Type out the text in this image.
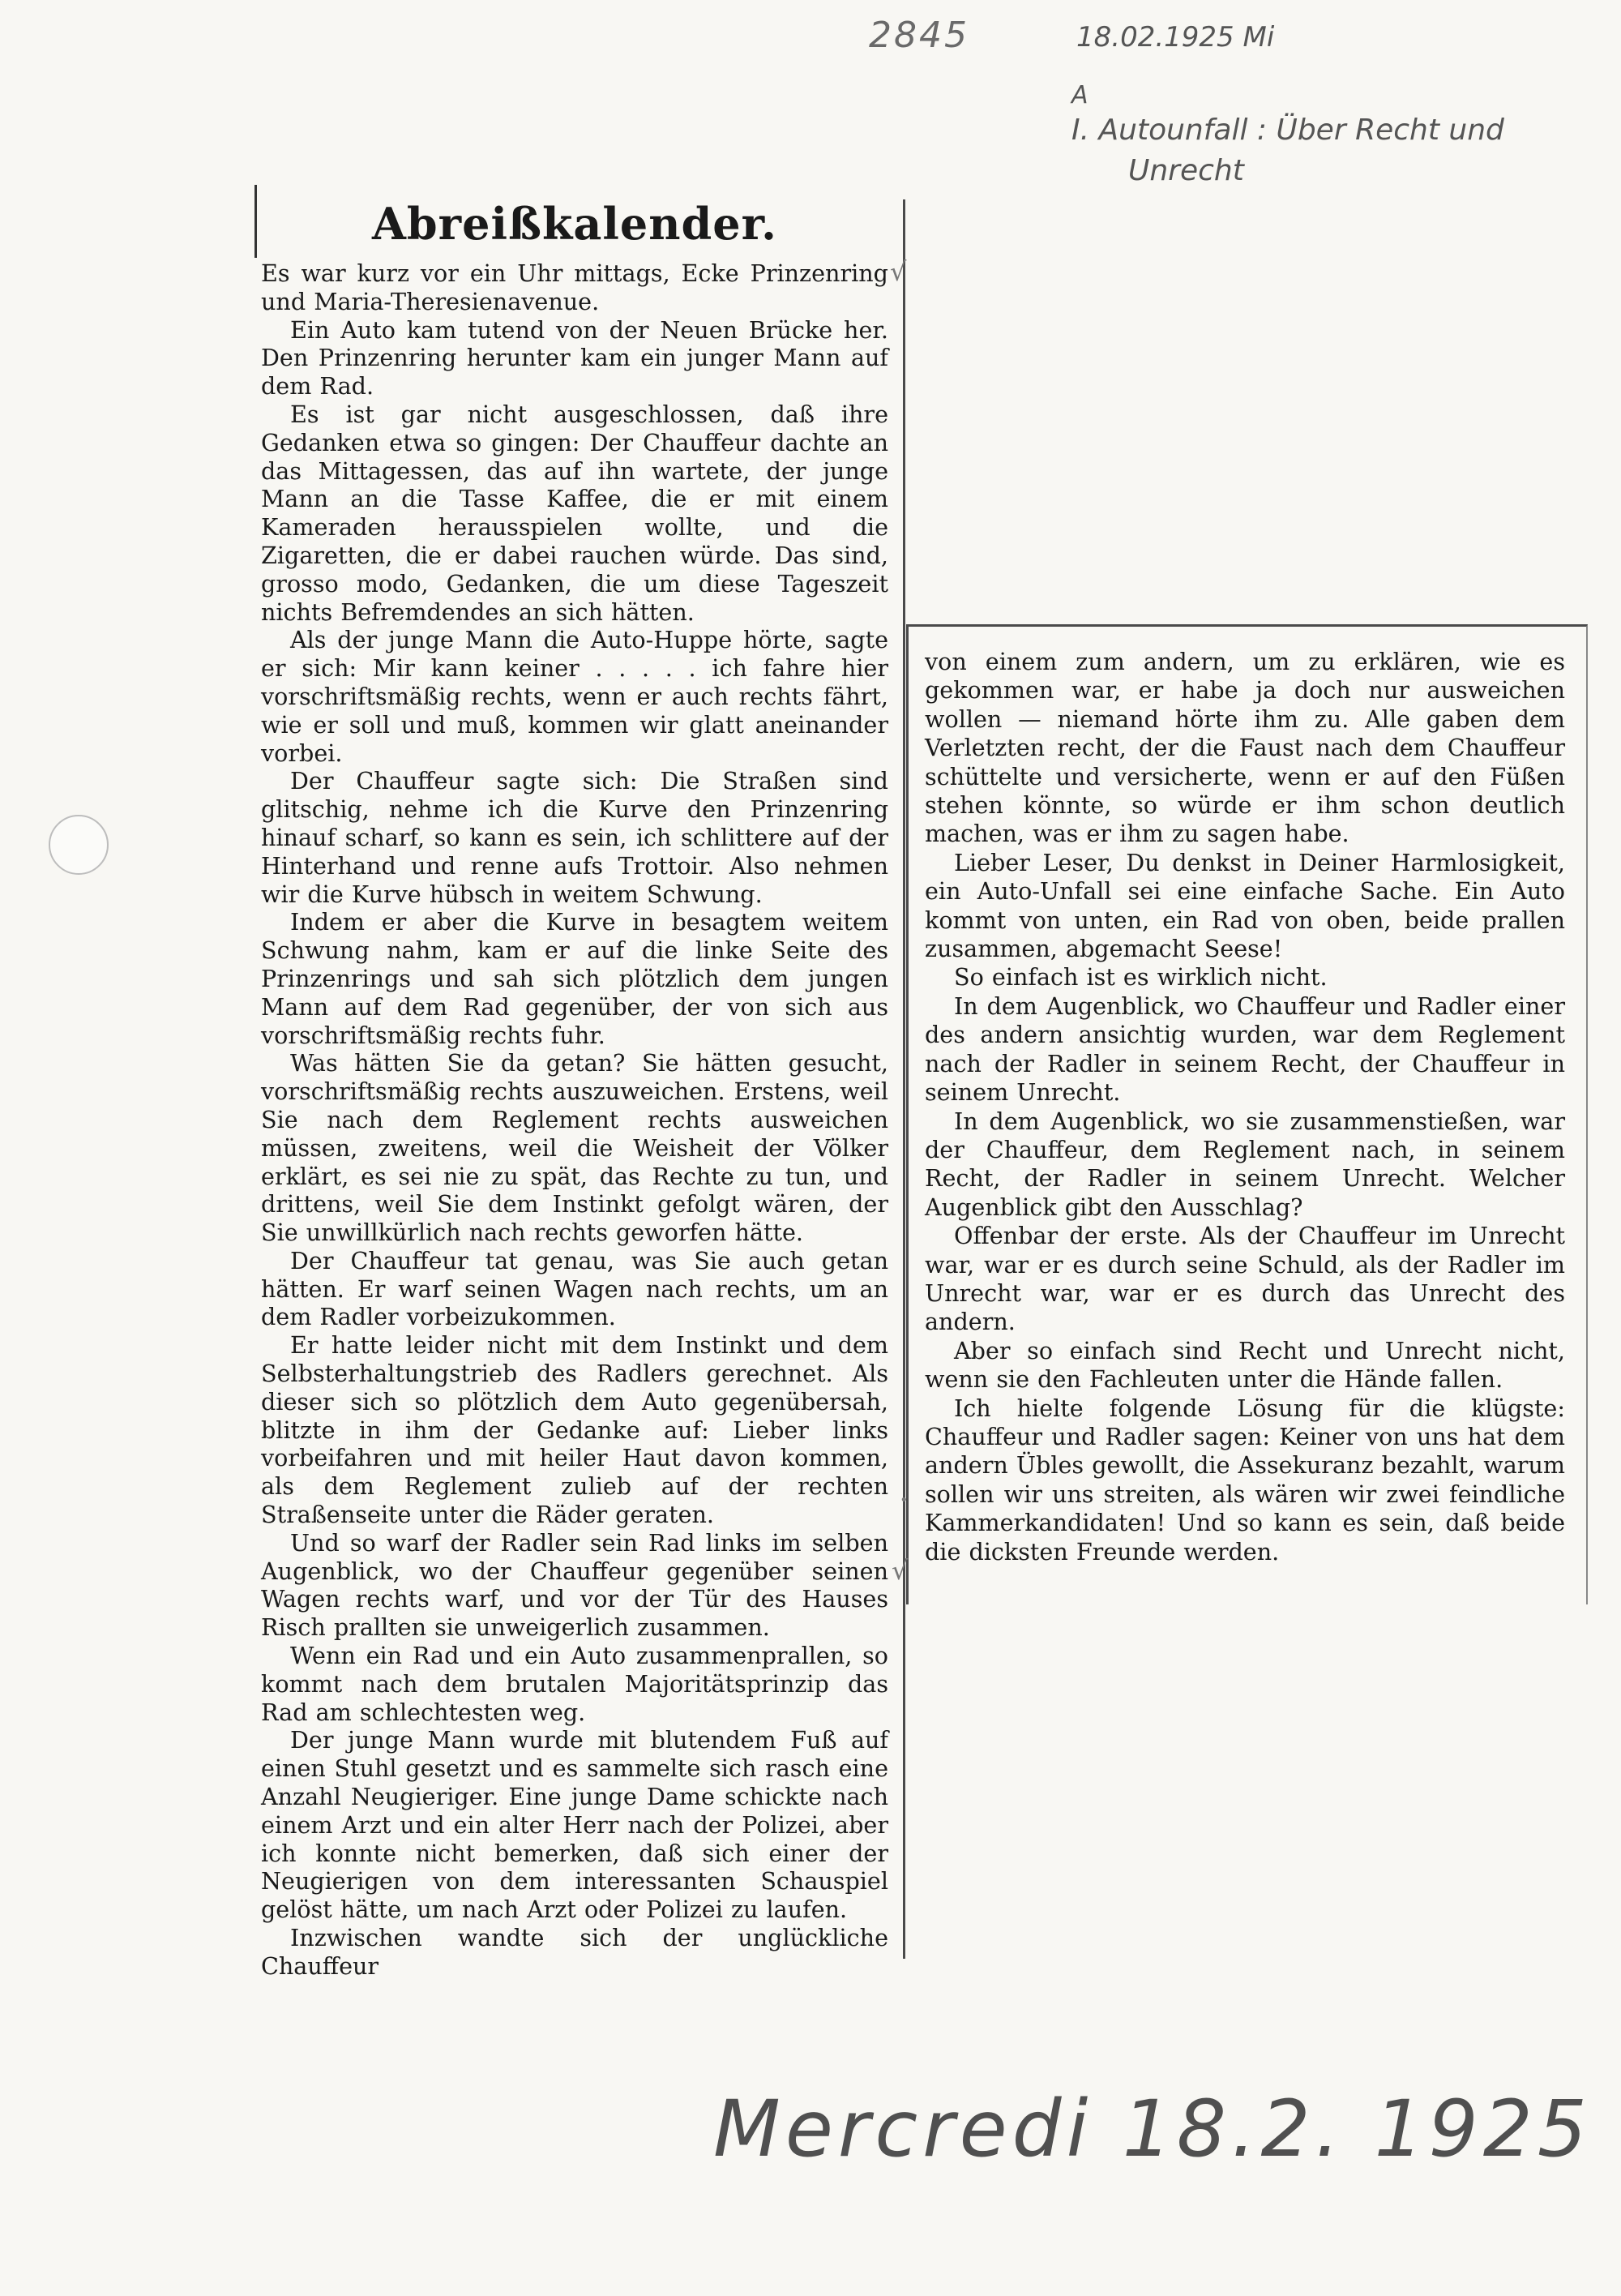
2845	18.02.1925 Mi
A
I. Autounfall : Über Recht und
Unrecht
Abreißkalender.

Es war kurz vor ein Uhr mittags, Ecke Prinzenring und Maria-Theresienavenue.

Ein Auto kam tutend von der Neuen Brücke her. Den Prinzenring herunter kam ein junger Mann auf dem Rad.

Es ist gar nicht ausgeschlossen, daß ihre Gedanken etwa so gingen: Der Chauffeur dachte an das Mittagessen, das auf ihn wartete, der junge Mann an die Tasse Kaffee, die er mit einem Kameraden herausspielen wollte, und die Zigaretten, die er dabei rauchen würde. Das sind, grosso modo, Gedanken, die um diese Tageszeit nichts Befremdendes an sich hätten.

Als der junge Mann die Auto-Huppe hörte, sagte er sich: Mir kann keiner . . . . . ich fahre hier vorschriftsmäßig rechts, wenn er auch rechts fährt, wie er soll und muß, kommen wir glatt aneinander vorbei.

Der Chauffeur sagte sich: Die Straßen sind glitschig, nehme ich die Kurve den Prinzenring hinauf scharf, so kann es sein, ich schlittere auf der Hinterhand und renne aufs Trottoir. Also nehmen wir die Kurve hübsch in weitem Schwung.

Indem er aber die Kurve in besagtem weitem Schwung nahm, kam er auf die linke Seite des Prinzenrings und sah sich plötzlich dem jungen Mann auf dem Rad gegenüber, der von sich aus vorschriftsmäßig rechts fuhr.

Was hätten Sie da getan? Sie hätten gesucht, vorschriftsmäßig rechts auszuweichen. Erstens, weil Sie nach dem Reglement rechts ausweichen müssen, zweitens, weil die Weisheit der Völker erklärt, es sei nie zu spät, das Rechte zu tun, und drittens, weil Sie dem Instinkt gefolgt wären, der Sie unwillkürlich nach rechts geworfen hätte.

Der Chauffeur tat genau, was Sie auch getan hätten. Er warf seinen Wagen nach rechts, um an dem Radler vorbeizukommen.

Er hatte leider nicht mit dem Instinkt und dem Selbsterhaltungstrieb des Radlers gerechnet. Als dieser sich so plötzlich dem Auto gegenübersah, blitzte in ihm der Gedanke auf: Lieber links vorbeifahren und mit heiler Haut davon kommen, als dem Reglement zulieb auf der rechten Straßenseite unter die Räder geraten.

Und so warf der Radler sein Rad links im selben Augenblick, wo der Chauffeur gegenüber seinen Wagen rechts warf, und vor der Tür des Hauses Risch prallten sie unweigerlich zusammen.

Wenn ein Rad und ein Auto zusammenprallen, so kommt nach dem brutalen Majoritätsprinzip das Rad am schlechtesten weg.

Der junge Mann wurde mit blutendem Fuß auf einen Stuhl gesetzt und es sammelte sich rasch eine Anzahl Neugieriger. Eine junge Dame schickte nach einem Arzt und ein alter Herr nach der Polizei, aber ich konnte nicht bemerken, daß sich einer der Neugierigen von dem interessanten Schauspiel gelöst hätte, um nach Arzt oder Polizei zu laufen.

Inzwischen wandte sich der unglückliche Chauffeur

von einem zum andern, um zu erklären, wie es gekommen war, er habe ja doch nur ausweichen wollen — niemand hörte ihm zu. Alle gaben dem Verletzten recht, der die Faust nach dem Chauffeur schüttelte und versicherte, wenn er auf den Füßen stehen könnte, so würde er ihm schon deutlich machen, was er ihm zu sagen habe.

Lieber Leser, Du denkst in Deiner Harmlosigkeit, ein Auto-Unfall sei eine einfache Sache. Ein Auto kommt von unten, ein Rad von oben, beide prallen zusammen, abgemacht Seese!

So einfach ist es wirklich nicht.

In dem Augenblick, wo Chauffeur und Radler einer des andern ansichtig wurden, war dem Reglement nach der Radler in seinem Recht, der Chauffeur in seinem Unrecht.

In dem Augenblick, wo sie zusammenstießen, war der Chauffeur, dem Reglement nach, in seinem Recht, der Radler in seinem Unrecht. Welcher Augenblick gibt den Ausschlag?

Offenbar der erste. Als der Chauffeur im Unrecht war, war er es durch seine Schuld, als der Radler im Unrecht war, war er es durch das Unrecht des andern.

Aber so einfach sind Recht und Unrecht nicht, wenn sie den Fachleuten unter die Hände fallen.

Ich hielte folgende Lösung für die klügste: Chauffeur und Radler sagen: Keiner von uns hat dem andern Übles gewollt, die Assekuranz bezahlt, warum sollen wir uns streiten, als wären wir zwei feindliche Kammerkandidaten! Und so kann es sein, daß beide die dicksten Freunde werden.

√
√
•
Mercredi 18.2. 1925
